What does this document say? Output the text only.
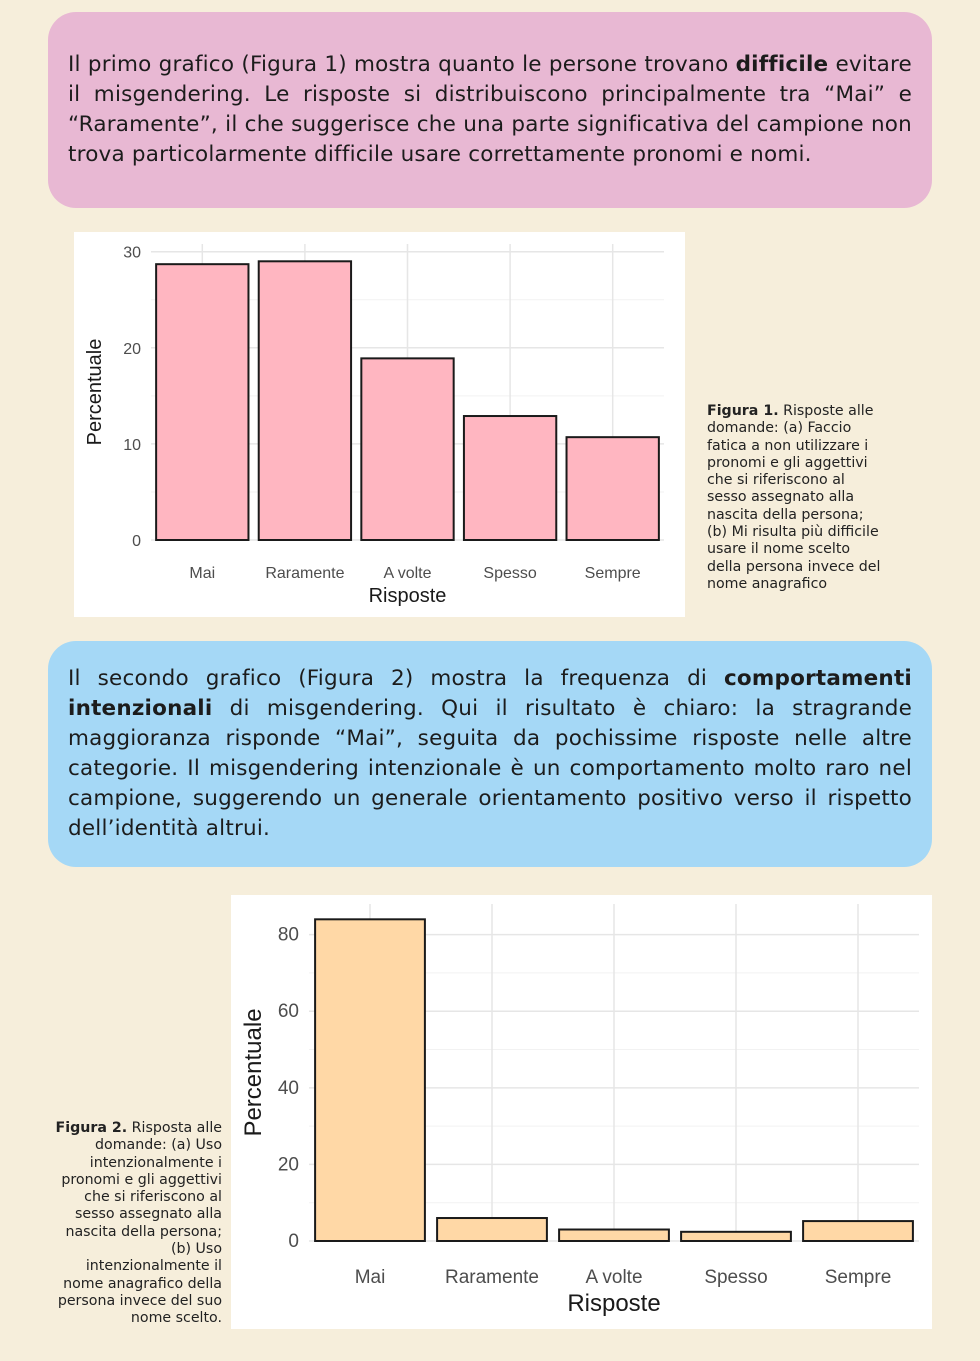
Il primo grafico (Figura 1) mostra quanto le persone trovano difficile evitare il misgendering. Le risposte si distribuiscono principalmente tra “Mai” e “Raramente”, il che suggerisce che una parte significativa del campione non trova particolarmente difficile usare correttamente pronomi e nomi.

0
10
20
30
Mai	Raramente A volte	Spesso	Sempre
Risposte
Percentuale	Figura 1. Risposte alle domande: (a) Faccio fatica a non utilizzare i pronomi e gli aggettivi che si riferiscono al sesso assegnato alla nascita della persona; (b) Mi risulta più difficile usare il nome scelto della persona invece del nome anagrafico

Il secondo grafico (Figura 2) mostra la frequenza di comportamenti intenzionali di misgendering. Qui il risultato è chiaro: la stragrande maggioranza risponde “Mai”, seguita da pochissime risposte nelle altre categorie. Il misgendering intenzionale è un comportamento molto raro nel campione, suggerendo un generale orientamento positivo verso il rispetto dell’identità altrui.

Figura 2. Risposta alle domande: (a) Uso intenzionalmente i pronomi e gli aggettivi che si riferiscono al sesso assegnato alla nascita della persona; (b) Uso intenzionalmente il nome anagrafico della persona invece del suo nome scelto.
0
20
40
60
80
Mai	Raramente A volte	Spesso	Sempre
Risposte
Percentuale
